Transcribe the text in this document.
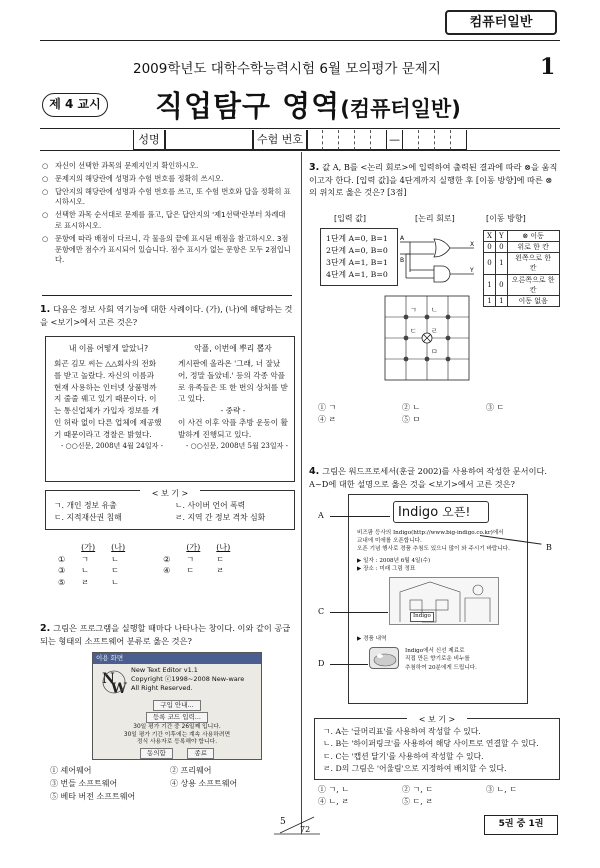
컴퓨터일반
2009학년도 대학수학능력시험 6월 모의평가 문제지	1
제 4 교시 직업탐구 영역(컴퓨터일반)
성명	수험 번호	—
○ 자신이 선택한 과목의 문제지인지 확인하시오.
○ 문제지의 해당란에 성명과 수험 번호를 정확히 쓰시오.
○ 답안지의 해당란에 성명과 수험 번호를 쓰고, 또 수험 번호와 답을 정확히 표시하시오.
○ 선택한 과목 순서대로 문제를 풀고, 답은 답안지의 '제1선택'란부터 차례대로 표시하시오.
○ 문항에 따라 배점이 다르니, 각 물음의 끝에 표시된 배점을 참고하시오. 3점 문항에만 점수가 표시되어 있습니다. 점수 표시가 없는 문항은 모두 2점입니다.
1. 다음은 정보 사회 역기능에 대한 사례이다. (가), (나)에 해당하는 것을 <보기>에서 고른 것은?
내 이름 어떻게 알았니?
회곤 김모 씨는 △△회사의 전화를 받고 놀랐다. 자신의 이름과 현재 사용하는 인터넷 상품명까지 줄줄 꿰고 있기 때문이다. 이는 통신업체가 가입자 정보를 개인 허락 없이 다른 업체에 제공했기 때문이라고 경찰은 밝혔다.
- ○○신문, 2008년 4월 24일자 -
악플, 이번에 뿌리 뽑자
게시판에 올라온 '그래, 너 잘났어, 정말 돌았네.' 등의 각종 악플로 유족들은 또 한 번의 상처를 받고 있다.
- 중략 -
이 사건 이후 악플 추방 운동이 활발하게 진행되고 있다.
- ○○신문, 2008년 5월 23일자 -
< 보 기 >
ㄱ. 개인 정보 유출	ㄴ. 사이버 언어 폭력
ㄷ. 지적재산권 침해	ㄹ. 지역 간 정보 격차 심화
	(가)	(나)		(가)	(나)
①	ㄱ	ㄴ	②	ㄱ	ㄷ
③	ㄴ	ㄷ	④	ㄷ	ㄹ
⑤	ㄹ	ㄴ			
2. 그림은 프로그램을 실행할 때마다 나타나는 창이다. 이와 같이 공급되는 형태의 소프트웨어 분류로 옳은 것은?
이용 화면
N
W
New Text Editor v1.1
Copyright ⓒ1998~2008 New-ware
All Right Reserved.
구입 안내...
등록 코드 입력...
30일 평가 기간 중 26일째 입니다.
30일 평가 기간 이후에는 계속 사용하려면
정식 사용자로 등록해야 합니다.
동의함	종료
① 셰어웨어	② 프리웨어
③ 번들 소프트웨어	④ 상용 소프트웨어
⑤ 베타 버전 소프트웨어
3. 값 A, B를 <논리 회로>에 입력하여 출력된 결과에 따라 ⊗을 움직이고자 한다. [입력 값]을 4단계까지 실행한 후 [이동 방향]에 따른 ⊗의 위치로 옳은 것은? [3점]
[입력 값]	[논리 회로]	[이동 방향]
1단계 A=0, B=1
2단계 A=0, B=0
3단계 A=1, B=1
4단계 A=1, B=0
A
B
X
Y
X	Y	⊗ 이동
0	0	위로 한 칸
0	1	왼쪽으로 한 칸
1	0	오른쪽으로 한 칸
1	1	이동 없음
ㄱ ㄴ
ㄷ ㄹ
ㅁ
① ㄱ	② ㄴ	③ ㄷ
④ ㄹ	⑤ ㅁ
4. 그림은 워드프로세서(훈글 2002)를 사용하여 작성한 문서이다. A~D에 대한 설명으로 옳은 것을 <보기>에서 고른 것은?
Indigo 오픈!
비즈팜 등사의 Indigo(http://www.big-indigo.co.kr)에서
교내에 미에를 오픈합니다.
오픈 기념 행사로 경품 추첨도 있으니 많이 와 주시기 바랍니다.
▶ 일자 : 2008년 6월 4일(수)
▶ 장소 : 미래 그림 정표
Indigo
▶ 경품 내역
Indigo에서 신선 제료로
직접 만든 향기로운 비누를
추첨하여 20분에게 드립니다.
A
B
C
D
< 보 기 >
ㄱ. A는 '글머리표'를 사용하여 작성할 수 있다.
ㄴ. B는 '하이퍼링크'를 사용하여 해당 사이트로 연결할 수 있다.
ㄷ. C는 '캡션 달기'를 사용하여 작성할 수 있다.
ㄹ. D의 그림은 '어울림'으로 지정하여 배치할 수 있다.
① ㄱ, ㄴ	② ㄱ, ㄷ	③ ㄴ, ㄷ
④ ㄴ, ㄹ	⑤ ㄷ, ㄹ
5
72
5권 중 1권
